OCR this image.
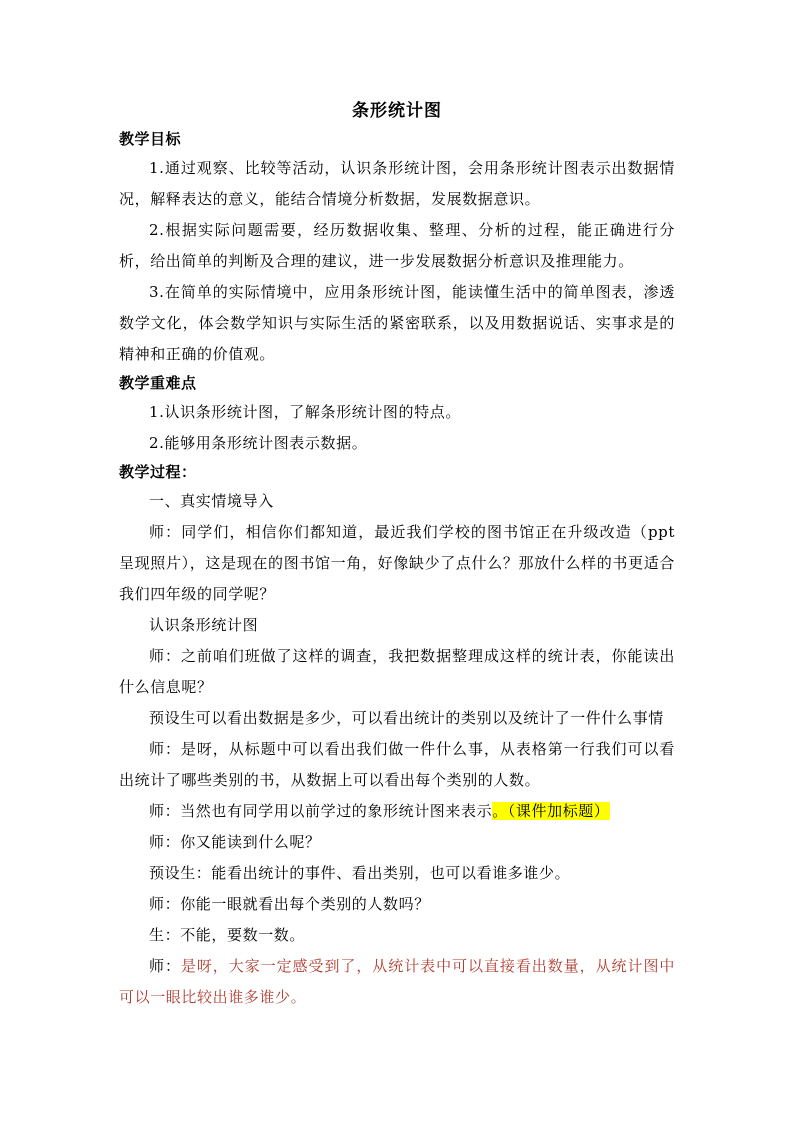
条形统计图
教学目标

1.通过观察、比较等活动，认识条形统计图，会用条形统计图表示出数据情况，解释表达的意义，能结合情境分析数据，发展数据意识。

2.根据实际问题需要，经历数据收集、整理、分析的过程，能正确进行分析，给出简单的判断及合理的建议，进一步发展数据分析意识及推理能力。

3.在简单的实际情境中，应用条形统计图，能读懂生活中的简单图表，渗透数学文化，体会数学知识与实际生活的紧密联系，以及用数据说话、实事求是的精神和正确的价值观。

教学重难点

1.认识条形统计图，了解条形统计图的特点。

2.能够用条形统计图表示数据。

教学过程：

一、真实情境导入

师：同学们，相信你们都知道，最近我们学校的图书馆正在升级改造（ppt呈现照片），这是现在的图书馆一角，好像缺少了点什么？那放什么样的书更适合我们四年级的同学呢？

认识条形统计图

师：之前咱们班做了这样的调查，我把数据整理成这样的统计表，你能读出什么信息呢？

预设生可以看出数据是多少，可以看出统计的类别以及统计了一件什么事情

师：是呀，从标题中可以看出我们做一件什么事，从表格第一行我们可以看出统计了哪些类别的书，从数据上可以看出每个类别的人数。

师：当然也有同学用以前学过的象形统计图来表示。（课件加标题）

师：你又能读到什么呢？

预设生：能看出统计的事件、看出类别，也可以看谁多谁少。

师：你能一眼就看出每个类别的人数吗？

生：不能，要数一数。

师：是呀，大家一定感受到了，从统计表中可以直接看出数量，从统计图中可以一眼比较出谁多谁少。
